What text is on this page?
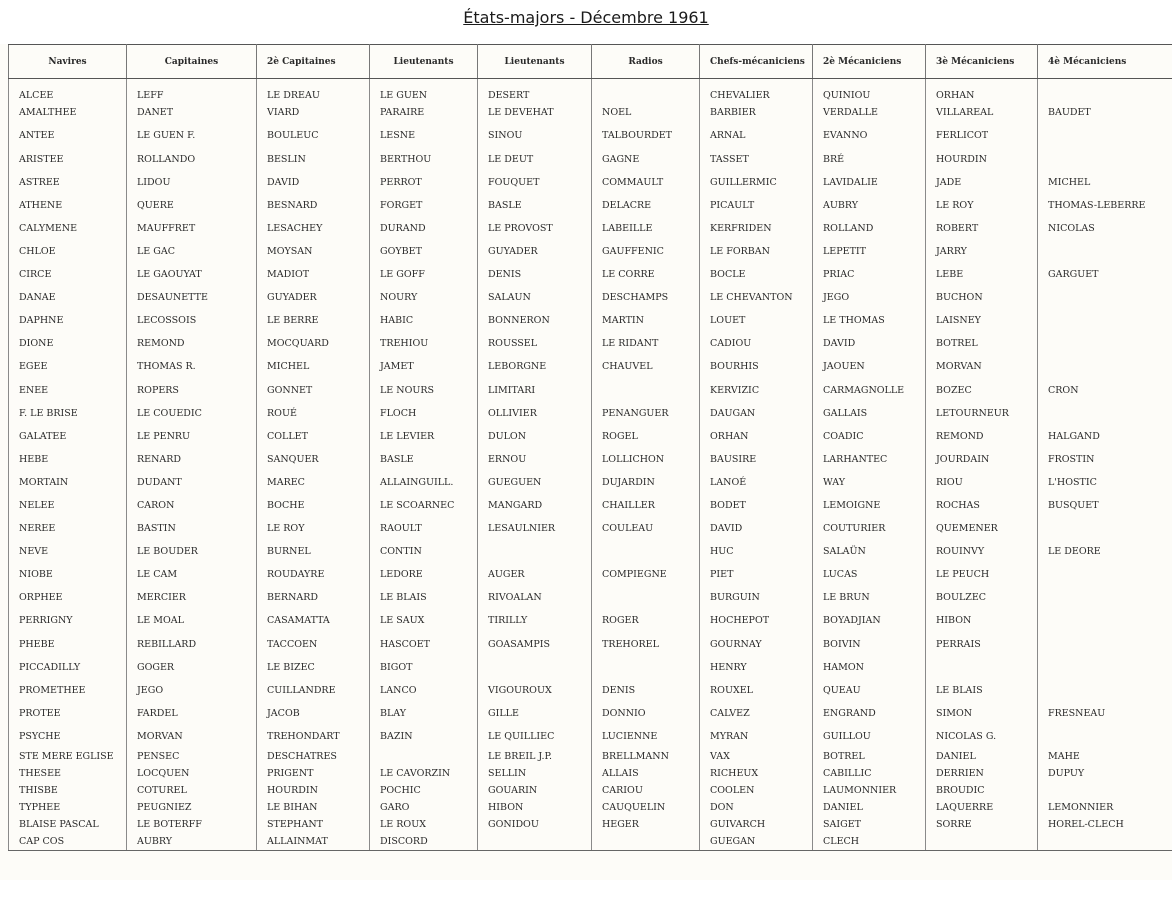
États-majors - Décembre 1961
Navires	Capitaines	2è Capitaines	Lieutenants	Lieutenants	Radios	Chefs-mécaniciens	2è Mécaniciens	3è Mécaniciens	4è Mécaniciens
ALCEE	LEFF	LE DREAU	LE GUEN	DESERT		CHEVALIER	QUINIOU	ORHAN	
AMALTHEE	DANET	VIARD	PARAIRE	LE DEVEHAT	NOEL	BARBIER	VERDALLE	VILLAREAL	BAUDET
ANTEE	LE GUEN F.	BOULEUC	LESNE	SINOU	TALBOURDET	ARNAL	EVANNO	FERLICOT	
ARISTEE	ROLLANDO	BESLIN	BERTHOU	LE DEUT	GAGNE	TASSET	BRÉ	HOURDIN	
ASTREE	LIDOU	DAVID	PERROT	FOUQUET	COMMAULT	GUILLERMIC	LAVIDALIE	JADE	MICHEL
ATHENE	QUERE	BESNARD	FORGET	BASLE	DELACRE	PICAULT	AUBRY	LE ROY	THOMAS-LEBERRE
CALYMENE	MAUFFRET	LESACHEY	DURAND	LE PROVOST	LABEILLE	KERFRIDEN	ROLLAND	ROBERT	NICOLAS
CHLOE	LE GAC	MOYSAN	GOYBET	GUYADER	GAUFFENIC	LE FORBAN	LEPETIT	JARRY	
CIRCE	LE GAOUYAT	MADIOT	LE GOFF	DENIS	LE CORRE	BOCLE	PRIAC	LEBE	GARGUET
DANAE	DESAUNETTE	GUYADER	NOURY	SALAUN	DESCHAMPS	LE CHEVANTON	JEGO	BUCHON	
DAPHNE	LECOSSOIS	LE BERRE	HABIC	BONNERON	MARTIN	LOUET	LE THOMAS	LAISNEY	
DIONE	REMOND	MOCQUARD	TREHIOU	ROUSSEL	LE RIDANT	CADIOU	DAVID	BOTREL	
EGEE	THOMAS R.	MICHEL	JAMET	LEBORGNE	CHAUVEL	BOURHIS	JAOUEN	MORVAN	
ENEE	ROPERS	GONNET	LE NOURS	LIMITARI		KERVIZIC	CARMAGNOLLE	BOZEC	CRON
F. LE BRISE	LE COUEDIC	ROUÉ	FLOCH	OLLIVIER	PENANGUER	DAUGAN	GALLAIS	LETOURNEUR	
GALATEE	LE PENRU	COLLET	LE LEVIER	DULON	ROGEL	ORHAN	COADIC	REMOND	HALGAND
HEBE	RENARD	SANQUER	BASLE	ERNOU	LOLLICHON	BAUSIRE	LARHANTEC	JOURDAIN	FROSTIN
MORTAIN	DUDANT	MAREC	ALLAINGUILL.	GUEGUEN	DUJARDIN	LANOÉ	WAY	RIOU	L'HOSTIC
NELEE	CARON	BOCHE	LE SCOARNEC	MANGARD	CHAILLER	BODET	LEMOIGNE	ROCHAS	BUSQUET
NEREE	BASTIN	LE ROY	RAOULT	LESAULNIER	COULEAU	DAVID	COUTURIER	QUEMENER	
NEVE	LE BOUDER	BURNEL	CONTIN			HUC	SALAÜN	ROUINVY	LE DEORE
NIOBE	LE CAM	ROUDAYRE	LEDORE	AUGER	COMPIEGNE	PIET	LUCAS	LE PEUCH	
ORPHEE	MERCIER	BERNARD	LE BLAIS	RIVOALAN		BURGUIN	LE BRUN	BOULZEC	
PERRIGNY	LE MOAL	CASAMATTA	LE SAUX	TIRILLY	ROGER	HOCHEPOT	BOYADJIAN	HIBON	
PHEBE	REBILLARD	TACCOEN	HASCOET	GOASAMPIS	TREHOREL	GOURNAY	BOIVIN	PERRAIS	
PICCADILLY	GOGER	LE BIZEC	BIGOT			HENRY	HAMON		
PROMETHEE	JEGO	CUILLANDRE	LANCO	VIGOUROUX	DENIS	ROUXEL	QUEAU	LE BLAIS	
PROTEE	FARDEL	JACOB	BLAY	GILLE	DONNIO	CALVEZ	ENGRAND	SIMON	FRESNEAU
PSYCHE	MORVAN	TREHONDART	BAZIN	LE QUILLIEC	LUCIENNE	MYRAN	GUILLOU	NICOLAS G.	
STE MERE EGLISE	PENSEC	DESCHATRES		LE BREIL J.P.	BRELLMANN	VAX	BOTREL	DANIEL	MAHE
THESEE	LOCQUEN	PRIGENT	LE CAVORZIN	SELLIN	ALLAIS	RICHEUX	CABILLIC	DERRIEN	DUPUY
THISBE	COTUREL	HOURDIN	POCHIC	GOUARIN	CARIOU	COOLEN	LAUMONNIER	BROUDIC	
TYPHEE	PEUGNIEZ	LE BIHAN	GARO	HIBON	CAUQUELIN	DON	DANIEL	LAQUERRE	LEMONNIER
BLAISE PASCAL	LE BOTERFF	STEPHANT	LE ROUX	GONIDOU	HEGER	GUIVARCH	SAIGET	SORRE	HOREL-CLECH
CAP COS	AUBRY	ALLAINMAT	DISCORD			GUEGAN	CLECH		
